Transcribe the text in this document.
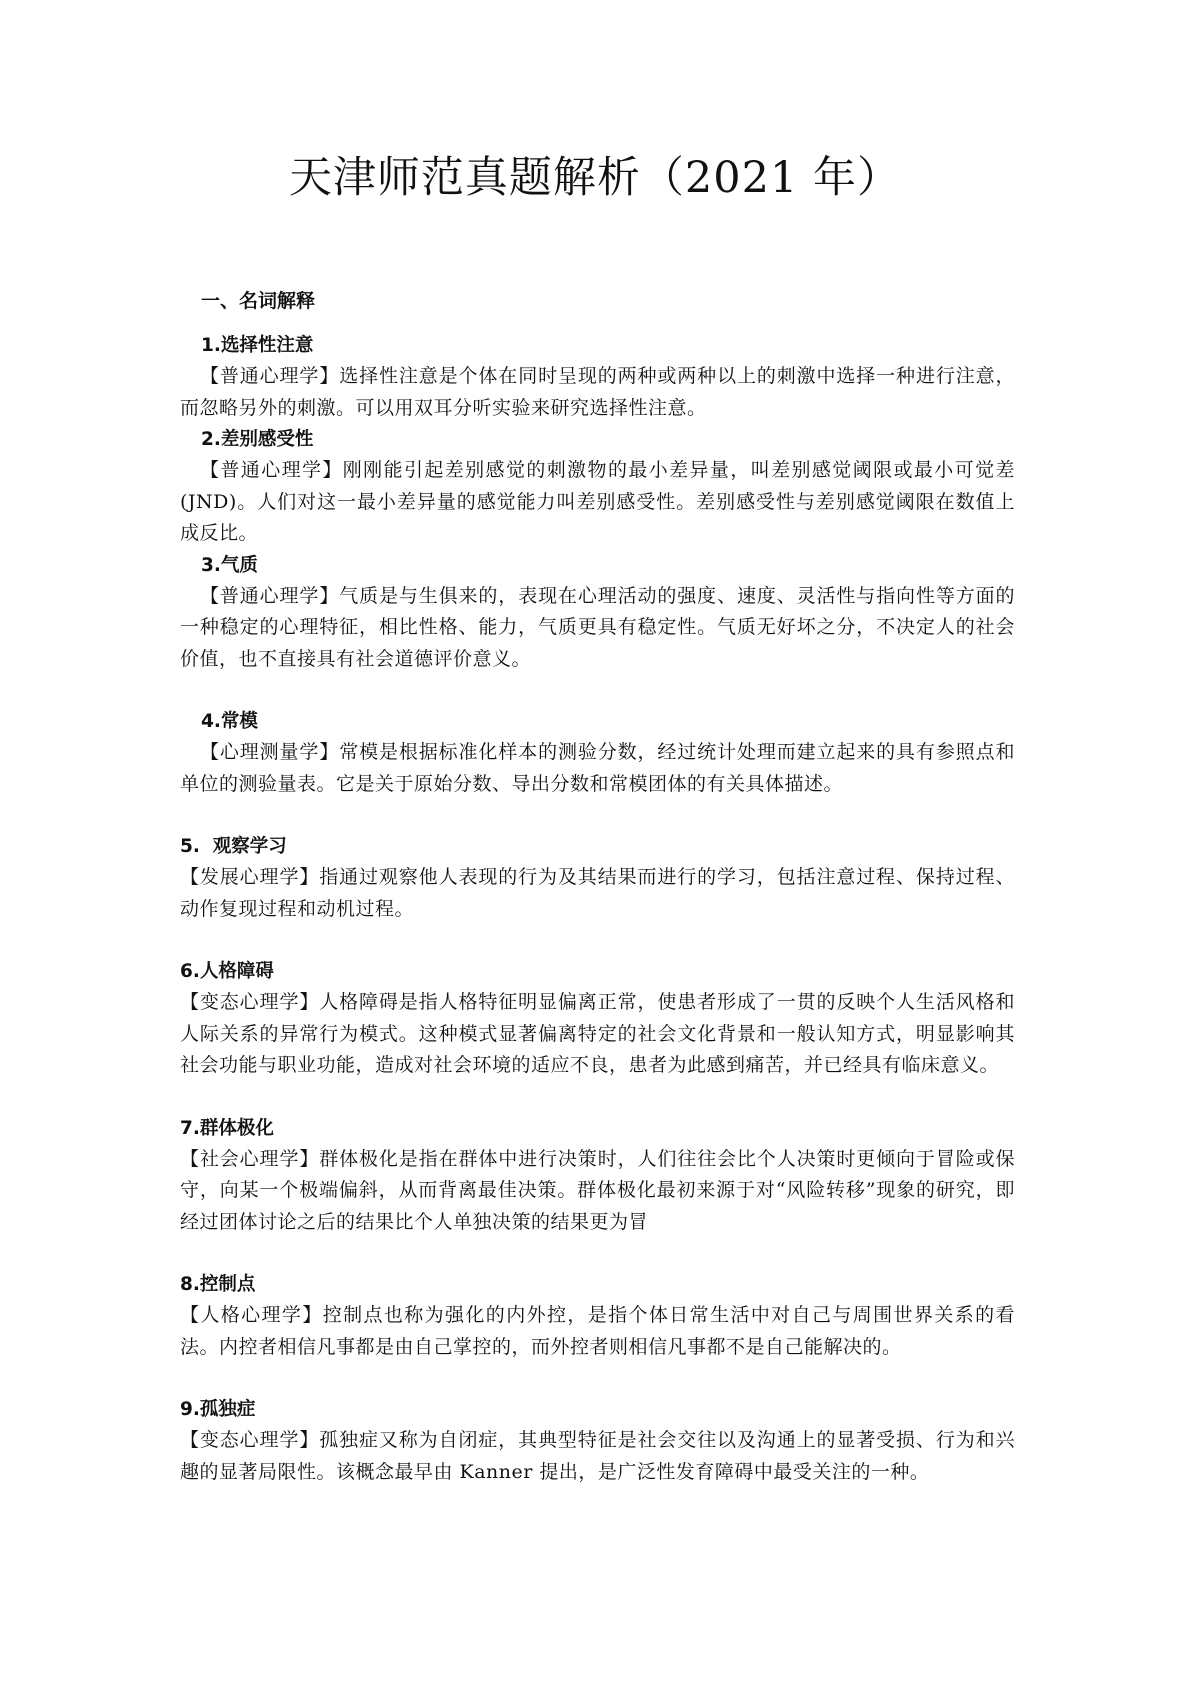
天津师范真题解析（2021 年）
一、名词解释

1.选择性注意

【普通心理学】选择性注意是个体在同时呈现的两种或两种以上的刺激中选择一种进行注意，而忽略另外的刺激。可以用双耳分听实验来研究选择性注意。

2.差别感受性

【普通心理学】刚刚能引起差别感觉的刺激物的最小差异量，叫差别感觉阈限或最小可觉差(JND)。人们对这一最小差异量的感觉能力叫差别感受性。差别感受性与差别感觉阈限在数值上成反比。

3.气质

【普通心理学】气质是与生俱来的，表现在心理活动的强度、速度、灵活性与指向性等方面的一种稳定的心理特征，相比性格、能力，气质更具有稳定性。气质无好坏之分，不决定人的社会价值，也不直接具有社会道德评价意义。

4.常模

【心理测量学】常模是根据标准化样本的测验分数，经过统计处理而建立起来的具有参照点和单位的测验量表。它是关于原始分数、导出分数和常模团体的有关具体描述。

5.  观察学习

【发展心理学】指通过观察他人表现的行为及其结果而进行的学习，包括注意过程、保持过程、动作复现过程和动机过程。

6.人格障碍

【变态心理学】人格障碍是指人格特征明显偏离正常，使患者形成了一贯的反映个人生活风格和人际关系的异常行为模式。这种模式显著偏离特定的社会文化背景和一般认知方式，明显影响其社会功能与职业功能，造成对社会环境的适应不良，患者为此感到痛苦，并已经具有临床意义。

7.群体极化

【社会心理学】群体极化是指在群体中进行决策时，人们往往会比个人决策时更倾向于冒险或保守，向某一个极端偏斜，从而背离最佳决策。群体极化最初来源于对“风险转移”现象的研究，即经过团体讨论之后的结果比个人单独决策的结果更为冒

8.控制点

【人格心理学】控制点也称为强化的内外控，是指个体日常生活中对自己与周围世界关系的看法。内控者相信凡事都是由自己掌控的，而外控者则相信凡事都不是自己能解决的。

9.孤独症

【变态心理学】孤独症又称为自闭症，其典型特征是社会交往以及沟通上的显著受损、行为和兴趣的显著局限性。该概念最早由 Kanner 提出，是广泛性发育障碍中最受关注的一种。
